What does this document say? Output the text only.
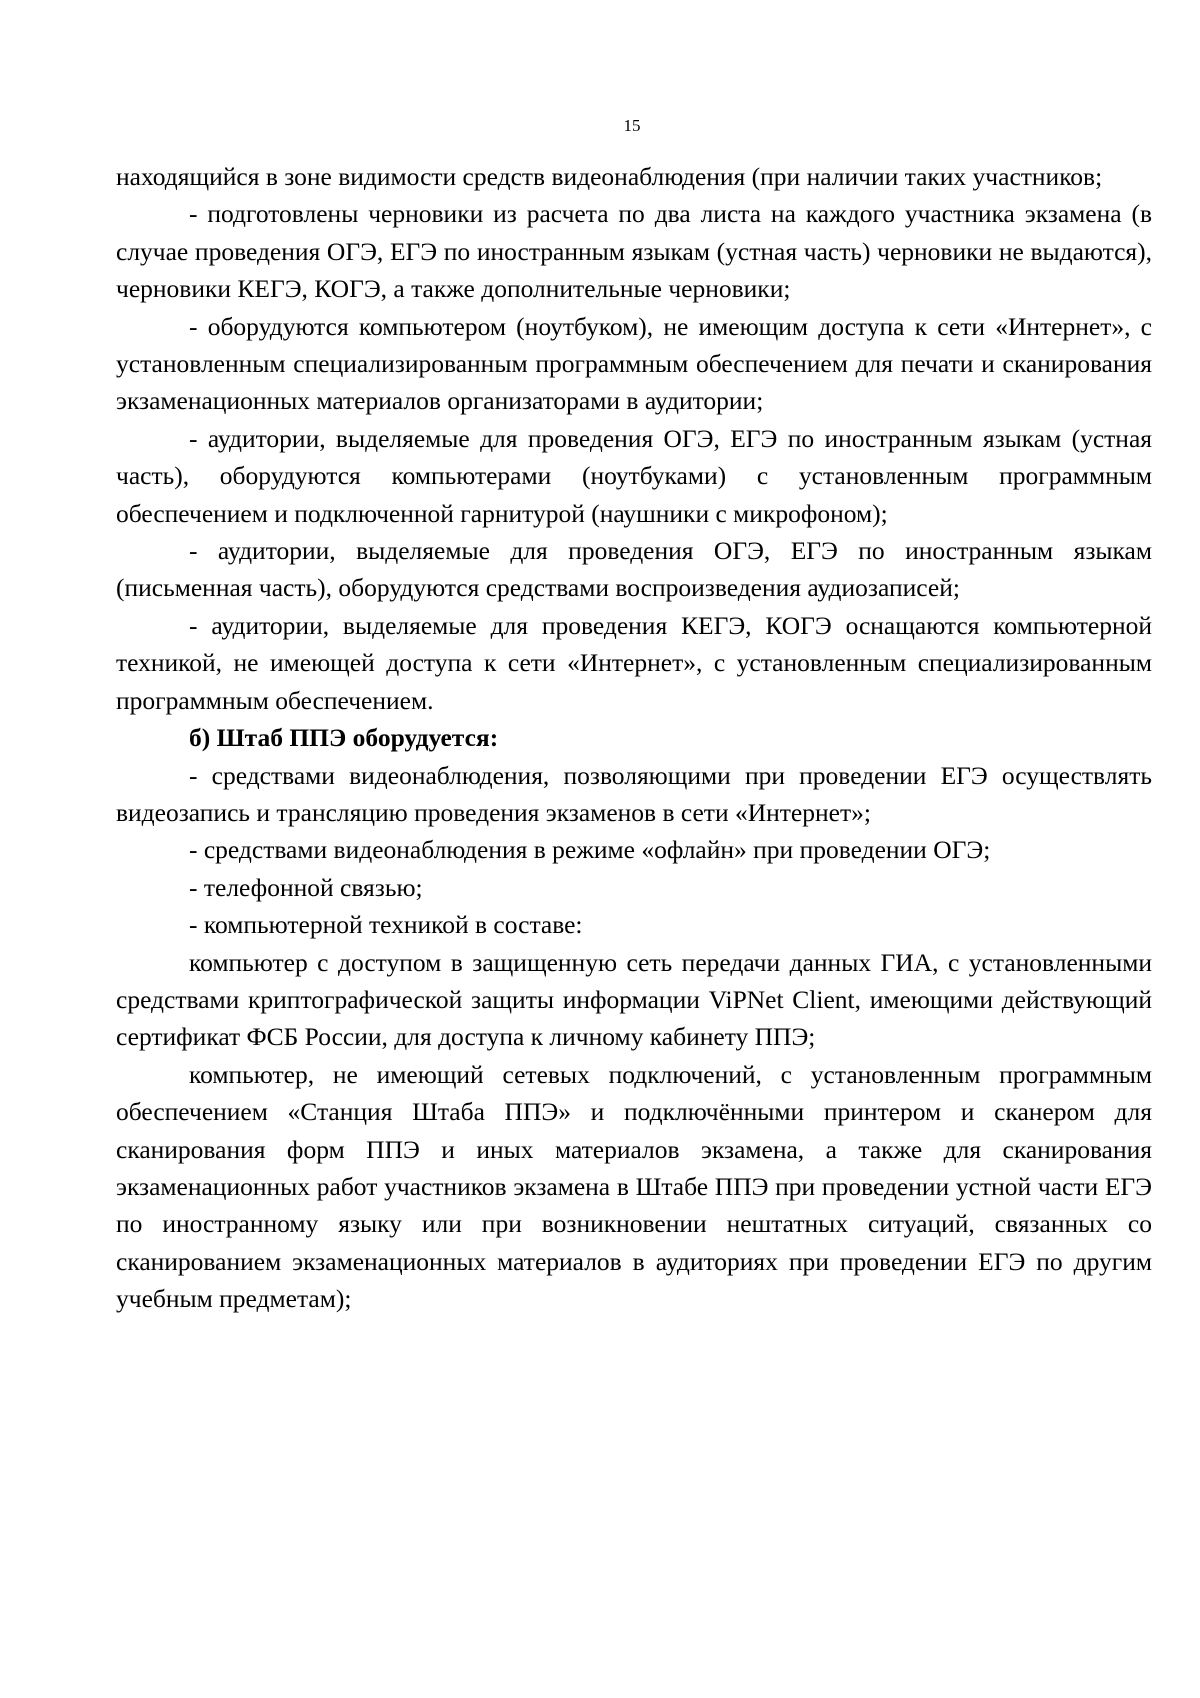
15

находящийся в зоне видимости средств видеонаблюдения (при наличии таких участников;

- подготовлены черновики из расчета по два листа на каждого участника экзамена (в случае проведения ОГЭ, ЕГЭ по иностранным языкам (устная часть) черновики не выдаются), черновики КЕГЭ, КОГЭ, а также дополнительные черновики;

- оборудуются компьютером (ноутбуком), не имеющим доступа к сети «Интернет», с установленным специализированным программным обеспечением для печати и сканирования экзаменационных материалов организаторами в аудитории;

- аудитории, выделяемые для проведения ОГЭ, ЕГЭ по иностранным языкам (устная часть), оборудуются компьютерами (ноутбуками) с установленным программным обеспечением и подключенной гарнитурой (наушники с микрофоном);

- аудитории, выделяемые для проведения ОГЭ, ЕГЭ по иностранным языкам (письменная часть), оборудуются средствами воспроизведения аудиозаписей;

- аудитории, выделяемые для проведения КЕГЭ, КОГЭ оснащаются компьютерной техникой, не имеющей доступа к сети «Интернет», с установленным специализированным программным обеспечением.

б) Штаб ППЭ оборудуется:

- средствами видеонаблюдения, позволяющими при проведении ЕГЭ осуществлять видеозапись и трансляцию проведения экзаменов в сети «Интернет»;

- средствами видеонаблюдения в режиме «офлайн» при проведении ОГЭ;

- телефонной связью;

- компьютерной техникой в составе:

компьютер с доступом в защищенную сеть передачи данных ГИА, с установленными средствами криптографической защиты информации ViPNet Client, имеющими действующий сертификат ФСБ России, для доступа к личному кабинету ППЭ;

компьютер, не имеющий сетевых подключений, с установленным программным обеспечением «Станция Штаба ППЭ» и подключёнными принтером и сканером для сканирования форм ППЭ и иных материалов экзамена, а также для сканирования экзаменационных работ участников экзамена в Штабе ППЭ при проведении устной части ЕГЭ по иностранному языку или при возникновении нештатных ситуаций, связанных со сканированием экзаменационных материалов в аудиториях при проведении ЕГЭ по другим учебным предметам);
